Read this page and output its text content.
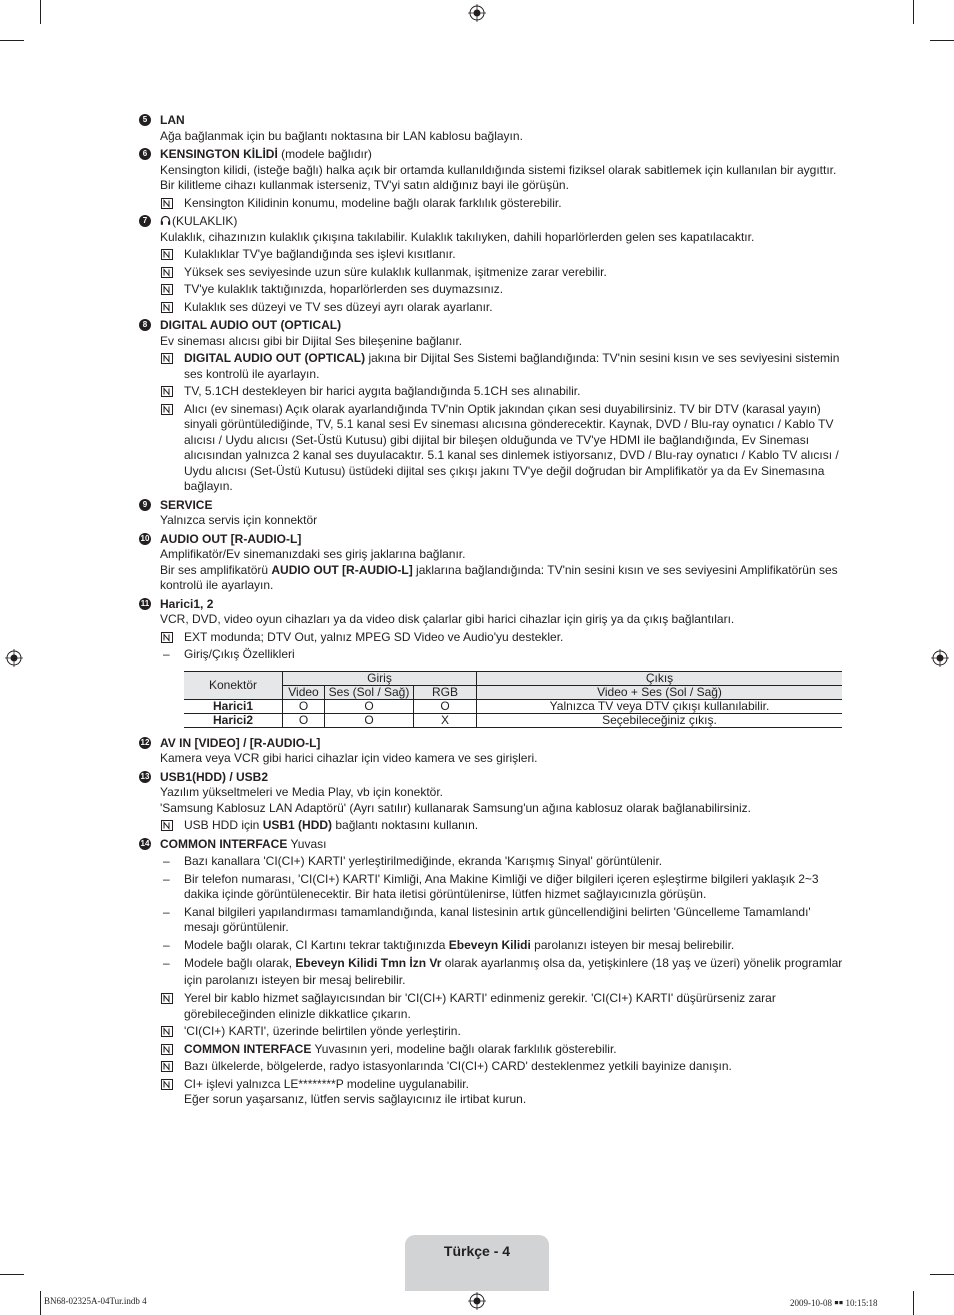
5	LAN
Ağa bağlanmak için bu bağlantı noktasına bir LAN kablosu bağlayın.
6	KENSINGTON KİLİDİ (modele bağlıdır)
Kensington kilidi, (isteğe bağlı) halka açık bir ortamda kullanıldığında sistemi fiziksel olarak sabitlemek için kullanılan bir aygıttır. Bir kilitleme cihazı kullanmak isterseniz, TV'yi satın aldığınız bayi ile görüşün.
Kensington Kilidinin konumu, modeline bağlı olarak farklılık gösterebilir.
7	(KULAKLIK)
Kulaklık, cihazınızın kulaklık çıkışına takılabilir. Kulaklık takılıyken, dahili hoparlörlerden gelen ses kapatılacaktır.
Kulaklıklar TV'ye bağlandığında ses işlevi kısıtlanır.
Yüksek ses seviyesinde uzun süre kulaklık kullanmak, işitmenize zarar verebilir.
TV'ye kulaklık taktığınızda, hoparlörlerden ses duymazsınız.
Kulaklık ses düzeyi ve TV ses düzeyi ayrı olarak ayarlanır.
8	DIGITAL AUDIO OUT (OPTICAL)
Ev sineması alıcısı gibi bir Dijital Ses bileşenine bağlanır.
DIGITAL AUDIO OUT (OPTICAL) jakına bir Dijital Ses Sistemi bağlandığında: TV'nin sesini kısın ve ses seviyesini sistemin ses kontrolü ile ayarlayın.
TV, 5.1CH destekleyen bir harici aygıta bağlandığında 5.1CH ses alınabilir.
Alıcı (ev sineması) Açık olarak ayarlandığında TV'nin Optik jakından çıkan sesi duyabilirsiniz. TV bir DTV (karasal yayın) sinyali görüntülediğinde, TV, 5.1 kanal sesi Ev sineması alıcısına gönderecektir. Kaynak, DVD / Blu-ray oynatıcı / Kablo TV alıcısı / Uydu alıcısı (Set-Üstü Kutusu) gibi dijital bir bileşen olduğunda ve TV'ye HDMI ile bağlandığında, Ev Sineması alıcısından yalnızca 2 kanal ses duyulacaktır. 5.1 kanal ses dinlemek istiyorsanız, DVD / Blu-ray oynatıcı / Kablo TV alıcısı / Uydu alıcısı (Set-Üstü Kutusu) üstüdeki dijital ses çıkışı jakını TV'ye değil doğrudan bir Amplifikatör ya da Ev Sinemasına bağlayın.
9	SERVICE
Yalnızca servis için konnektör
10 AUDIO OUT [R-AUDIO-L]
Amplifikatör/Ev sinemanızdaki ses giriş jaklarına bağlanır.
Bir ses amplifikatörü AUDIO OUT [R-AUDIO-L] jaklarına bağlandığında: TV'nin sesini kısın ve ses seviyesini Amplifikatörün ses kontrolü ile ayarlayın.
11 Harici1, 2
VCR, DVD, video oyun cihazları ya da video disk çalarlar gibi harici cihazlar için giriş ya da çıkış bağlantıları.
EXT modunda; DTV Out, yalnız MPEG SD Video ve Audio'yu destekler.
– Giriş/Çıkış Özellikleri
Konektör	Giriş			Çıkış
	Video	Ses (Sol / Sağ)	RGB	Video + Ses (Sol / Sağ)
Harici1	O	O	O	Yalnızca TV veya DTV çıkışı kullanılabilir.
Harici2	O	O	X	Seçebileceğiniz çıkış.
12 AV IN [VIDEO] / [R-AUDIO-L]
Kamera veya VCR gibi harici cihazlar için video kamera ve ses girişleri.
13 USB1(HDD) / USB2
Yazılım yükseltmeleri ve Media Play, vb için konektör.
'Samsung Kablosuz LAN Adaptörü' (Ayrı satılır) kullanarak Samsung'un ağına kablosuz olarak bağlanabilirsiniz.
USB HDD için USB1 (HDD) bağlantı noktasını kullanın.
14 COMMON INTERFACE Yuvası
– Bazı kanallara 'CI(CI+) KARTI' yerleştirilmediğinde, ekranda 'Karışmış Sinyal' görüntülenir.
– Bir telefon numarası, 'CI(CI+) KARTI' Kimliği, Ana Makine Kimliği ve diğer bilgileri içeren eşleştirme bilgileri yaklaşık 2~3 dakika içinde görüntülenecektir. Bir hata iletisi görüntülenirse, lütfen hizmet sağlayıcınızla görüşün.
– Kanal bilgileri yapılandırması tamamlandığında, kanal listesinin artık güncellendiğini belirten 'Güncelleme Tamamlandı' mesajı görüntülenir.
– Modele bağlı olarak, CI Kartını tekrar taktığınızda Ebeveyn Kilidi parolanızı isteyen bir mesaj belirebilir.
– Modele bağlı olarak, Ebeveyn Kilidi Tmn İzn Vr olarak ayarlanmış olsa da, yetişkinlere (18 yaş ve üzeri) yönelik programlar için parolanızı isteyen bir mesaj belirebilir.
Yerel bir kablo hizmet sağlayıcısından bir 'CI(CI+) KARTI' edinmeniz gerekir. 'CI(CI+) KARTI' düşürürseniz zarar görebileceğinden elinizle dikkatlice çıkarın.
'CI(CI+) KARTI', üzerinde belirtilen yönde yerleştirin.
COMMON INTERFACE Yuvasının yeri, modeline bağlı olarak farklılık gösterebilir.
Bazı ülkelerde, bölgelerde, radyo istasyonlarında 'CI(CI+) CARD' desteklenmez yetkili bayinize danışın.
CI+ işlevi yalnızca LE********P modeline uygulanabilir.
Eğer sorun yaşarsanız, lütfen servis sağlayıcınız ile irtibat kurun.
Türkçe - 4
BN68-02325A-04Tur.indb 4	2009-10-08 ￭￭ 10:15:18
